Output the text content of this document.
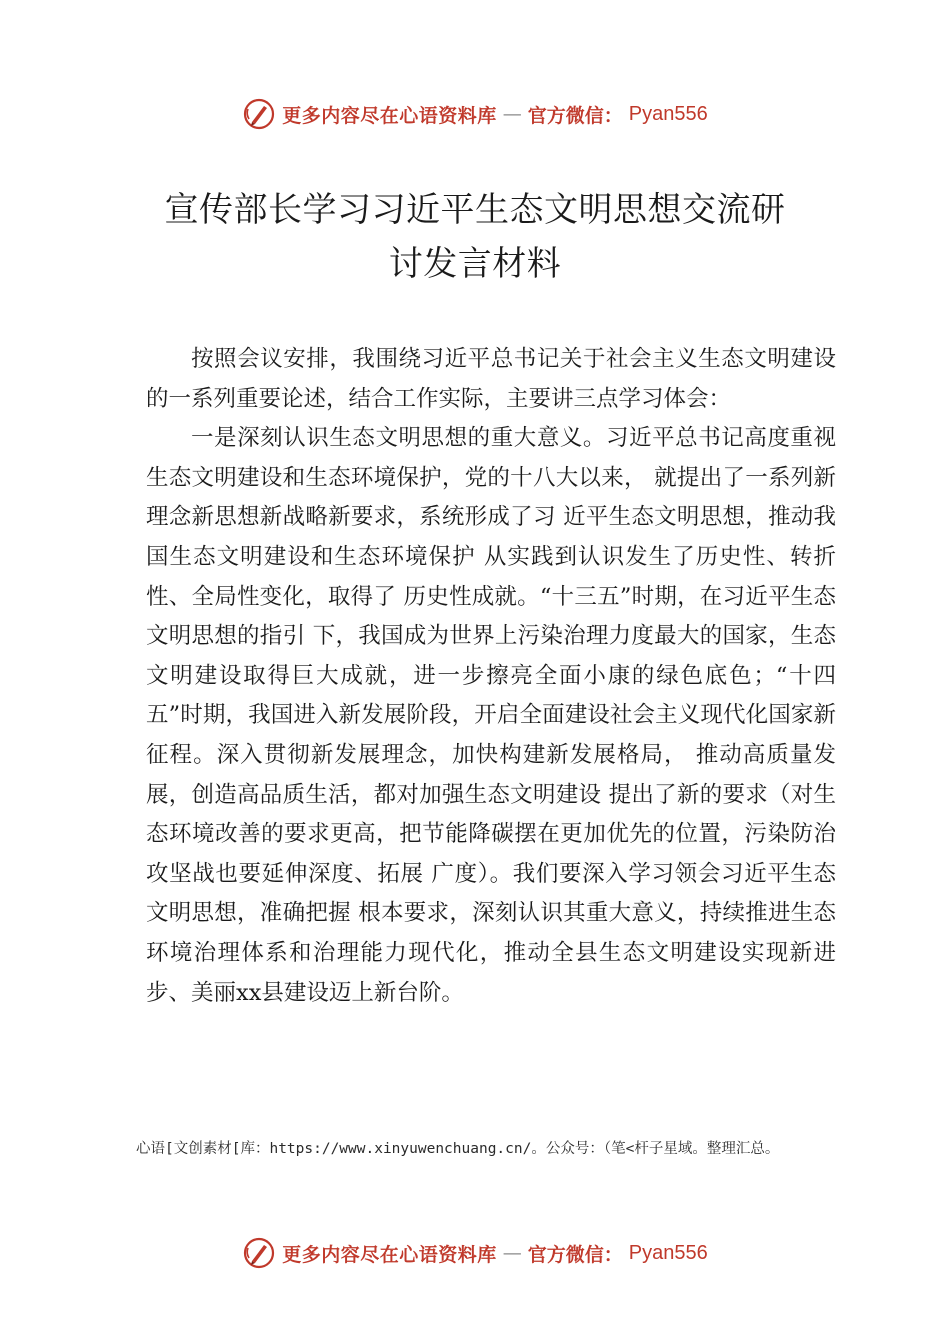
更多内容尽在心语资料库 — 官方微信： Pyan556
宣传部长学习习近平生态文明思想交流研
讨发言材料

按照会议安排，我围绕习近平总书记关于社会主义生态文明建设的一系列重要论述，结合工作实际，主要讲三点学习体会：

一是深刻认识生态文明思想的重大意义。习近平总书记高度重视生态文明建设和生态环境保护，党的十八大以来， 就提出了一系列新理念新思想新战略新要求，系统形成了习 近平生态文明思想，推动我国生态文明建设和生态环境保护 从实践到认识发生了历史性、转折性、全局性变化，取得了 历史性成就。“十三五”时期，在习近平生态文明思想的指引 下，我国成为世界上污染治理力度最大的国家，生态文明建设取得巨大成就，进一步擦亮全面小康的绿色底色；“十四五”时期，我国进入新发展阶段，开启全面建设社会主义现代化国家新征程。深入贯彻新发展理念，加快构建新发展格局， 推动高质量发展，创造高品质生活，都对加强生态文明建设 提出了新的要求（对生态环境改善的要求更高，把节能降碳摆在更加优先的位置，污染防治攻坚战也要延伸深度、拓展 广度）。我们要深入学习领会习近平生态文明思想，准确把握 根本要求，深刻认识其重大意义，持续推进生态环境治理体系和治理能力现代化，推动全县生态文明建设实现新进步、美丽xx县建设迈上新台阶。

心语[文创素材[库：https://www.xinyuwenchuang.cn/。公众号：（笔<杆子星域。整理汇总。
更多内容尽在心语资料库 — 官方微信： Pyan556
